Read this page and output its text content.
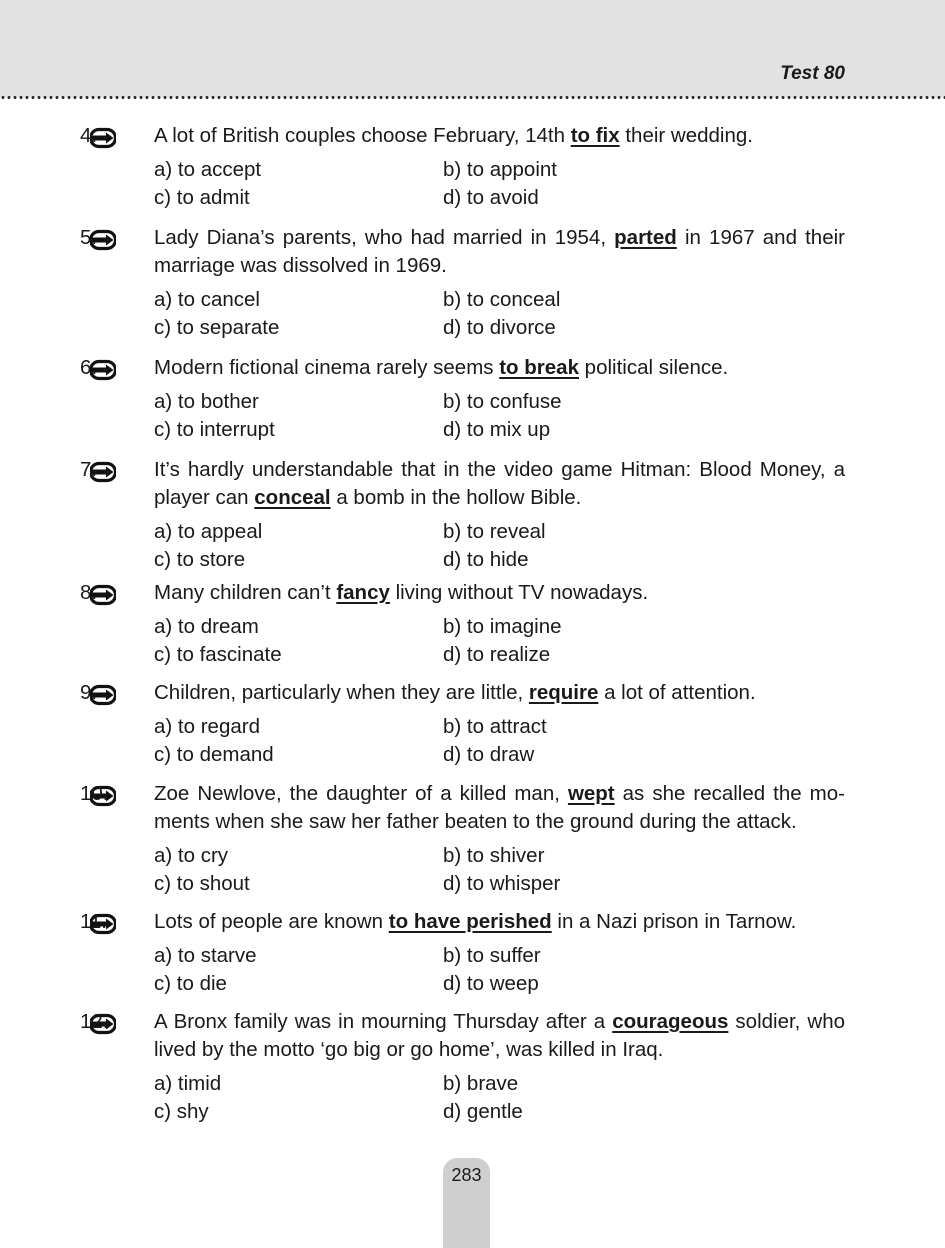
Test 80
4.	A lot of British couples choose February, 14th to fix their wedding.
a) to accept	b) to appoint
c) to admit	d) to avoid
5.	Lady Diana’s parents, who had married in 1954, parted in 1967 and their marriage was dissolved in 1969.
a) to cancel	b) to conceal
c) to separate	d) to divorce
6.	Modern fictional cinema rarely seems to break political silence.
a) to bother	b) to confuse
c) to interrupt	d) to mix up
7.	It’s hardly understandable that in the video game Hitman: Blood Money, a player can conceal a bomb in the hollow Bible.
a) to appeal	b) to reveal
c) to store	d) to hide
8.	Many children can’t fancy living without TV nowadays.
a) to dream	b) to imagine
c) to fascinate	d) to realize
9.	Children, particularly when they are little, require a lot of attention.
a) to regard	b) to attract
c) to demand	d) to draw
10. Zoe Newlove, the daughter of a killed man, wept as she recalled the mo-ments when she saw her father beaten to the ground during the attack.
a) to cry	b) to shiver
c) to shout	d) to whisper
11. Lots of people are known to have perished in a Nazi prison in Tarnow.
a) to starve	b) to suffer
c) to die	d) to weep
12. A Bronx family was in mourning Thursday after a courageous soldier, who lived by the motto ‘go big or go home’, was killed in Iraq.
a) timid	b) brave
c) shy	d) gentle
283
